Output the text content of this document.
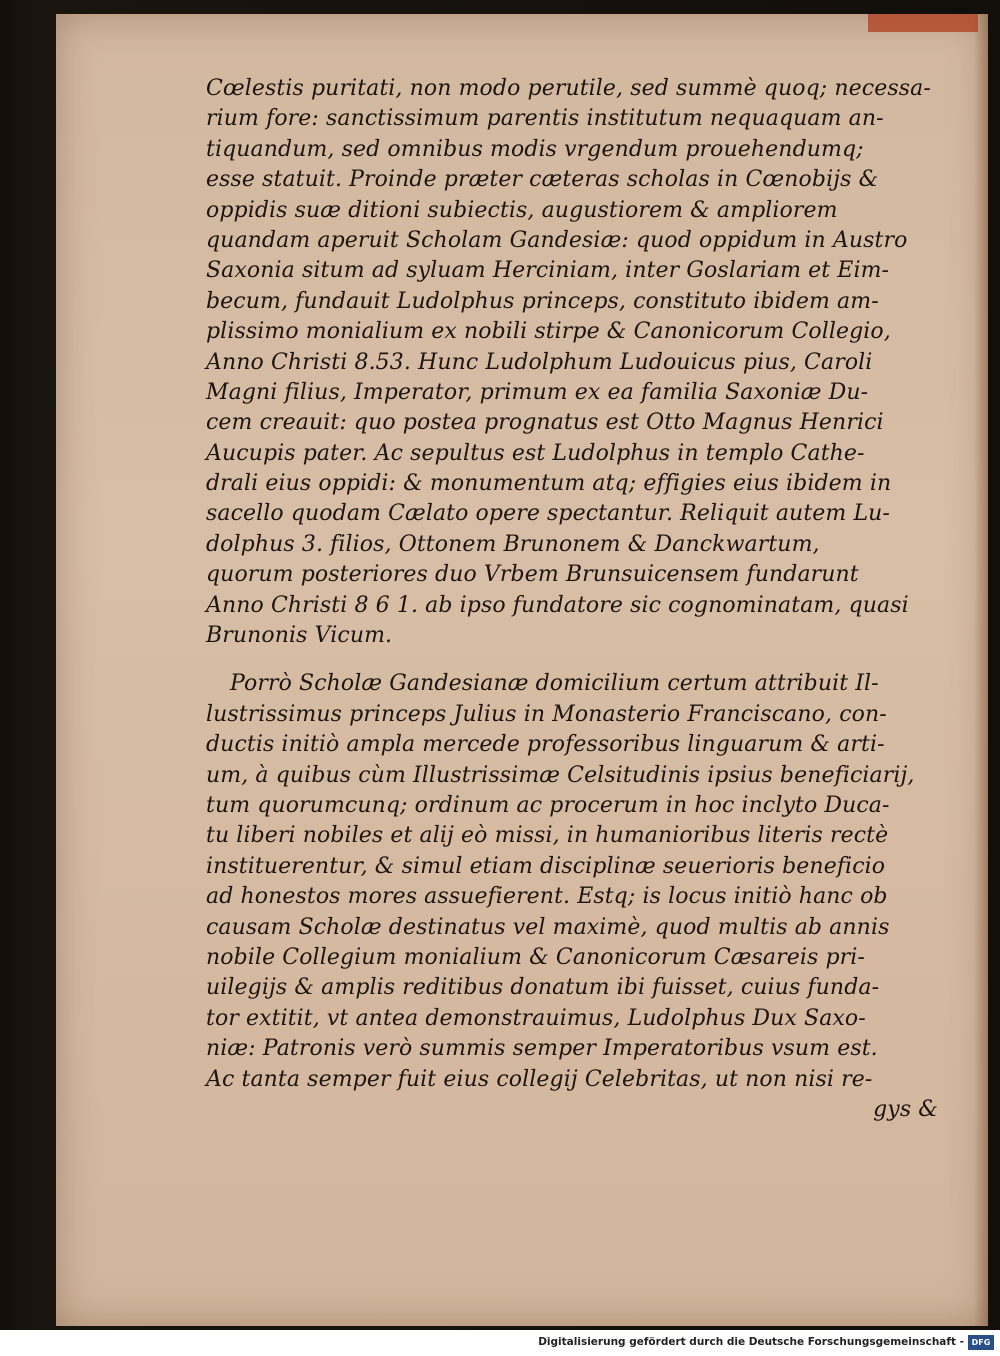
Cœlestis puritati, non modo perutile, sed summè quoq; necessa-
rium fore: sanctissimum parentis institutum nequaquam an-
tiquandum, sed omnibus modis vrgendum prouehendumq;
esse statuit. Proinde præter cæteras scholas in Cœnobijs &
oppidis suæ ditioni subiectis, augustiorem & ampliorem
quandam aperuit Scholam Gandesiæ: quod oppidum in Austro
Saxonia situm ad syluam Herciniam, inter Goslariam et Eim-
becum, fundauit Ludolphus princeps, constituto ibidem am-
plissimo monialium ex nobili stirpe & Canonicorum Collegio,
Anno Christi 8.53. Hunc Ludolphum Ludouicus pius, Caroli
Magni filius, Imperator, primum ex ea familia Saxoniæ Du-
cem creauit: quo postea prognatus est Otto Magnus Henrici
Aucupis pater. Ac sepultus est Ludolphus in templo Cathe-
drali eius oppidi: & monumentum atq; effigies eius ibidem in
sacello quodam Cælato opere spectantur. Reliquit autem Lu-
dolphus 3. filios, Ottonem Brunonem & Danckwartum,
quorum posteriores duo Vrbem Brunsuicensem fundarunt
Anno Christi 8 6 1. ab ipso fundatore sic cognominatam, quasi
Brunonis Vicum.
Porrò Scholæ Gandesianæ domicilium certum attribuit Il-
lustrissimus princeps Julius in Monasterio Franciscano, con-
ductis initiò ampla mercede professoribus linguarum & arti-
um, à quibus cùm Illustrissimæ Celsitudinis ipsius beneficiarij,
tum quorumcunq; ordinum ac procerum in hoc inclyto Duca-
tu liberi nobiles et alij eò missi, in humanioribus literis rectè
instituerentur, & simul etiam disciplinæ seuerioris beneficio
ad honestos mores assuefierent. Estq; is locus initiò hanc ob
causam Scholæ destinatus vel maximè, quod multis ab annis
nobile Collegium monialium & Canonicorum Cæsareis pri-
uilegijs & amplis reditibus donatum ibi fuisset, cuius funda-
tor extitit, vt antea demonstrauimus, Ludolphus Dux Saxo-
niæ: Patronis verò summis semper Imperatoribus vsum est.
Ac tanta semper fuit eius collegij Celebritas, ut non nisi re-
gys &
Digitalisierung gefördert durch die Deutsche Forschungsgemeinschaft - DFG
